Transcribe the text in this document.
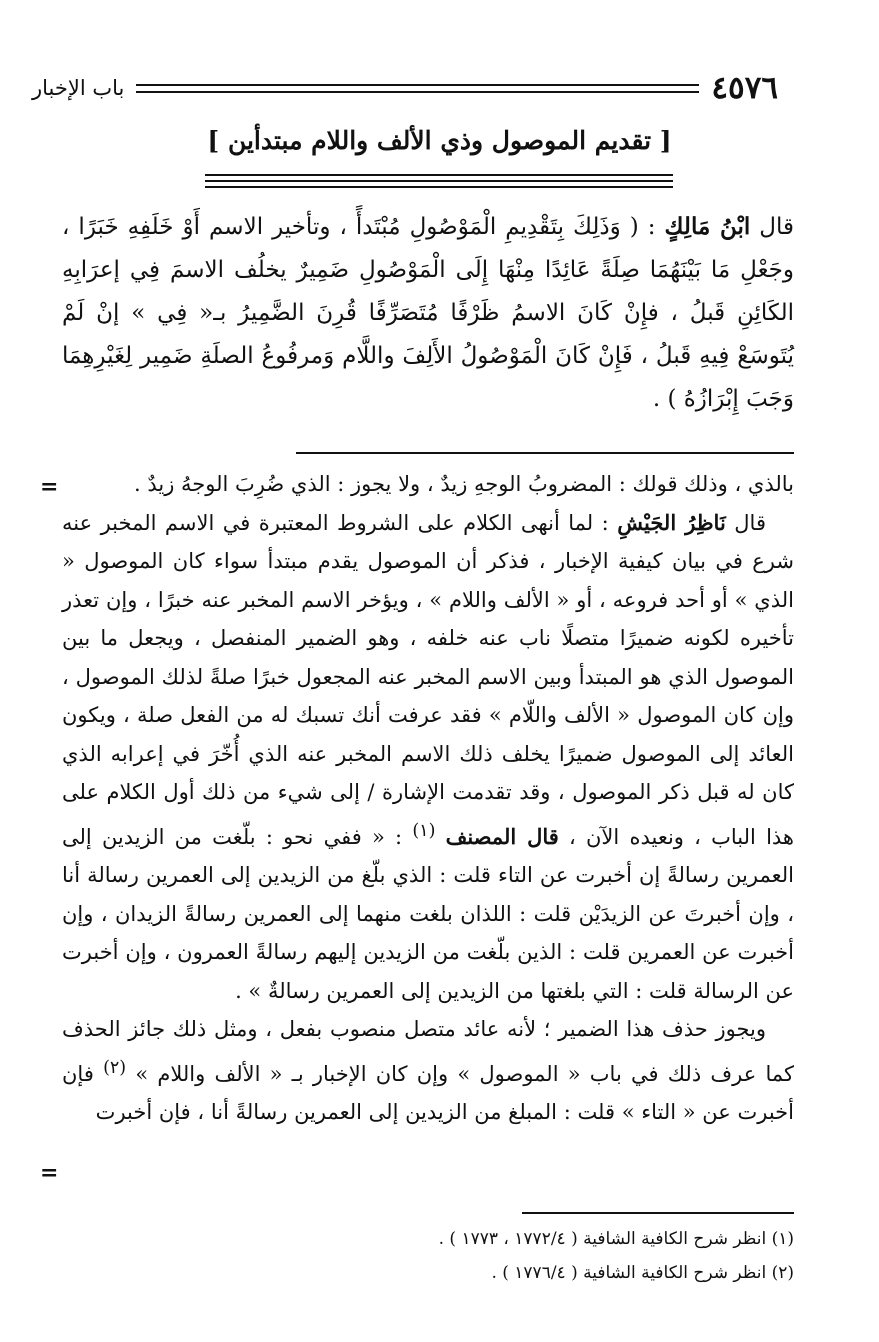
٤٥٧٦
باب الإخبار
[ تقديم الموصول وذي الألف واللام مبتدأين ]
قال ابْنُ مَالِكٍ : ( وَذَلِكَ بِتَقْدِيمِ الْمَوْصُولِ مُبْتَدأً ، وتأخير الاسم أَوْ خَلَفِهِ خَبَرًا ، وجَعْلِ مَا بَيْنَهُمَا صِلَةً عَائِدًا مِنْهَا إِلَى الْمَوْصُولِ ضَمِيرٌ يخلُف الاسمَ فِي إعرَابِهِ الكَائِنِ قَبلُ ، فإِنْ كَانَ الاسمُ ظَرْفًا مُتَصَرِّفًا قُرِنَ الضَّمِيرُ بـ« فِي » إنْ لَمْ يُتَوسَعْ فِيهِ قَبلُ ، فَإِنْ كَانَ الْمَوْصُولُ الأَلِفَ واللَّام وَمرفُوعُ الصلَةِ ضَمِير لِغَيْرِهِمَا وَجَبَ إِبْرَازُهُ ) .
=	بالذي ، وذلك قولك : المضروبُ الوجهِ زيدٌ ، ولا يجوز : الذي ضُرِبَ الوجهُ زيدٌ .

قال نَاظِرُ الجَيْشِ : لما أنهى الكلام على الشروط المعتبرة في الاسم المخبر عنه شرع في بيان كيفية الإخبار ، فذكر أن الموصول يقدم مبتدأ سواء كان الموصول « الذي » أو أحد فروعه ، أو « الألف واللام » ، ويؤخر الاسم المخبر عنه خبرًا ، وإن تعذر تأخيره لكونه ضميرًا متصلًا ناب عنه خلفه ، وهو الضمير المنفصل ، ويجعل ما بين الموصول الذي هو المبتدأ وبين الاسم المخبر عنه المجعول خبرًا صلةً لذلك الموصول ، وإن كان الموصول « الألف واللّام » فقد عرفت أنك تسبك له من الفعل صلة ، ويكون العائد إلى الموصول ضميرًا يخلف ذلك الاسم المخبر عنه الذي أُخّرَ في إعرابه الذي كان له قبل ذكر الموصول ، وقد تقدمت الإشارة / إلى شيء من ذلك أول الكلام على هذا الباب ، ونعيده الآن ، قال المصنف $^{(١)}$ : « ففي نحو : بلّغت من الزيدين إلى العمرين رسالةً إن أخبرت عن التاء قلت : الذي بلّغ من الزيدين إلى العمرين رسالة أنا ، وإن أخبرتَ عن الزيدَيْن قلت : اللذان بلغت منهما إلى العمرين رسالةً الزيدان ، وإن أخبرت عن العمرين قلت : الذين بلّغت من الزيدين إليهم رسالةً العمرون ، وإن أخبرت عن الرسالة قلت : التي بلغتها من الزيدين إلى العمرين رسالةٌ » .

ويجوز حذف هذا الضمير ؛ لأنه عائد متصل منصوب بفعل ، ومثل ذلك جائز الحذف كما عرف ذلك في باب « الموصول » وإن كان الإخبار بـ « الألف واللام » $^{(٢)}$ فإن أخبرت عن « التاء » قلت : المبلغ من الزيدين إلى العمرين رسالةً أنا ، فإن أخبرت

=
(١) انظر شرح الكافية الشافية ( ١٧٧٢/٤ ، ١٧٧٣ ) .
(٢) انظر شرح الكافية الشافية ( ١٧٧٦/٤ ) .
